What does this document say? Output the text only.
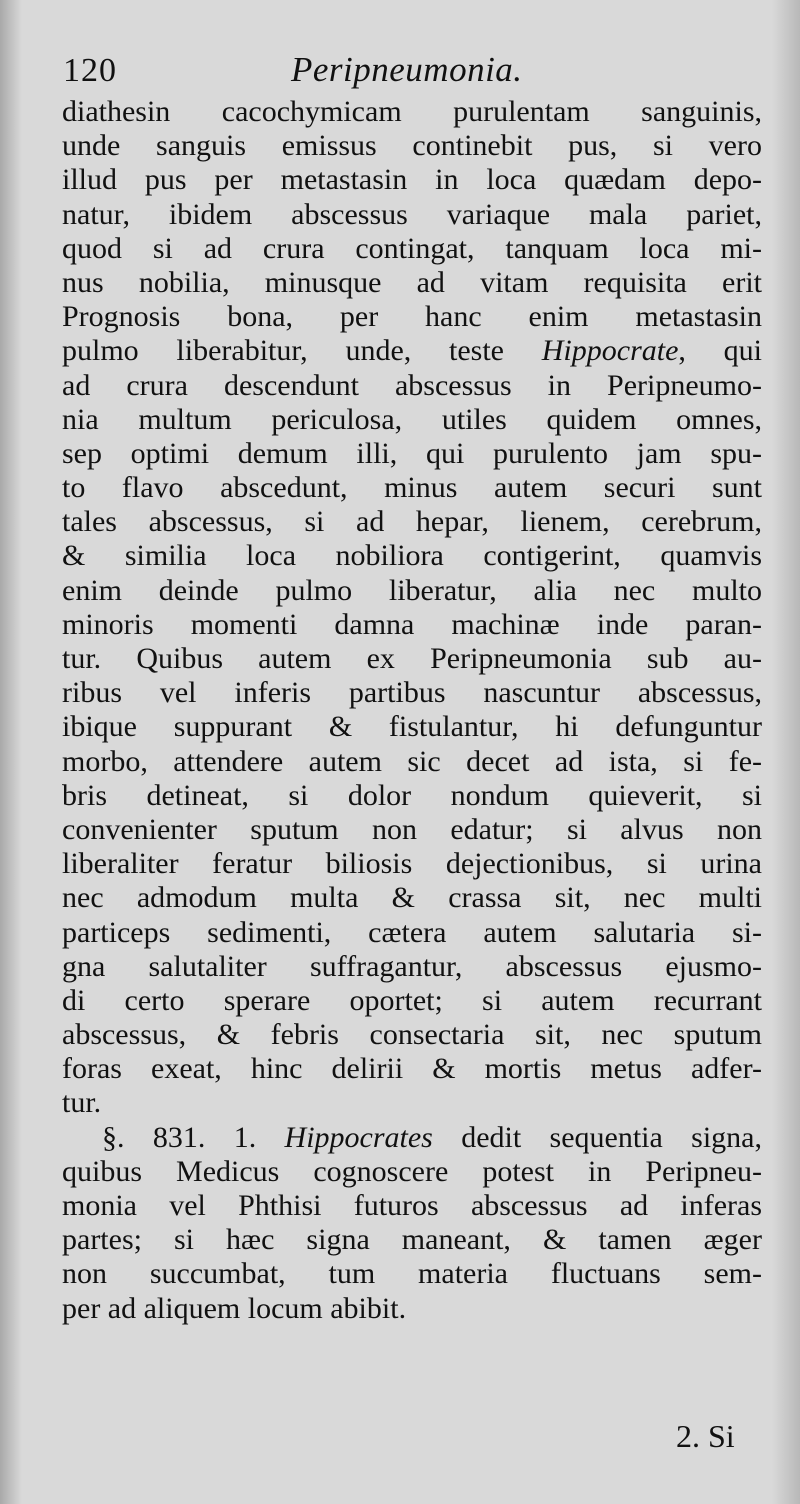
120	Peripneumonia.
diathesin cacochymicam purulentam sanguinis,
unde sanguis emissus continebit pus, si vero
illud pus per metastasin in loca quædam depo-
natur, ibidem abscessus variaque mala pariet,
quod si ad crura contingat, tanquam loca mi-
nus nobilia, minusque ad vitam requisita erit
Prognosis bona, per hanc enim metastasin
pulmo liberabitur, unde, teste Hippocrate, qui
ad crura descendunt abscessus in Peripneumo-
nia multum periculosa, utiles quidem omnes,
sep optimi demum illi, qui purulento jam spu-
to flavo abscedunt, minus autem securi sunt
tales abscessus, si ad hepar, lienem, cerebrum,
& similia loca nobiliora contigerint, quamvis
enim deinde pulmo liberatur, alia nec multo
minoris momenti damna machinæ inde paran-
tur. Quibus autem ex Peripneumonia sub au-
ribus vel inferis partibus nascuntur abscessus,
ibique suppurant & fistulantur, hi defunguntur
morbo, attendere autem sic decet ad ista, si fe-
bris detineat, si dolor nondum quieverit, si
convenienter sputum non edatur; si alvus non
liberaliter feratur biliosis dejectionibus, si urina
nec admodum multa & crassa sit, nec multi
particeps sedimenti, cætera autem salutaria si-
gna salutaliter suffragantur, abscessus ejusmo-
di certo sperare oportet; si autem recurrant
abscessus, & febris consectaria sit, nec sputum
foras exeat, hinc delirii & mortis metus adfer-
tur.
§. 831. 1. Hippocrates dedit sequentia signa,
quibus Medicus cognoscere potest in Peripneu-
monia vel Phthisi futuros abscessus ad inferas
partes; si hæc signa maneant, & tamen æger
non succumbat, tum materia fluctuans sem-
per ad aliquem locum abibit.
2. Si
